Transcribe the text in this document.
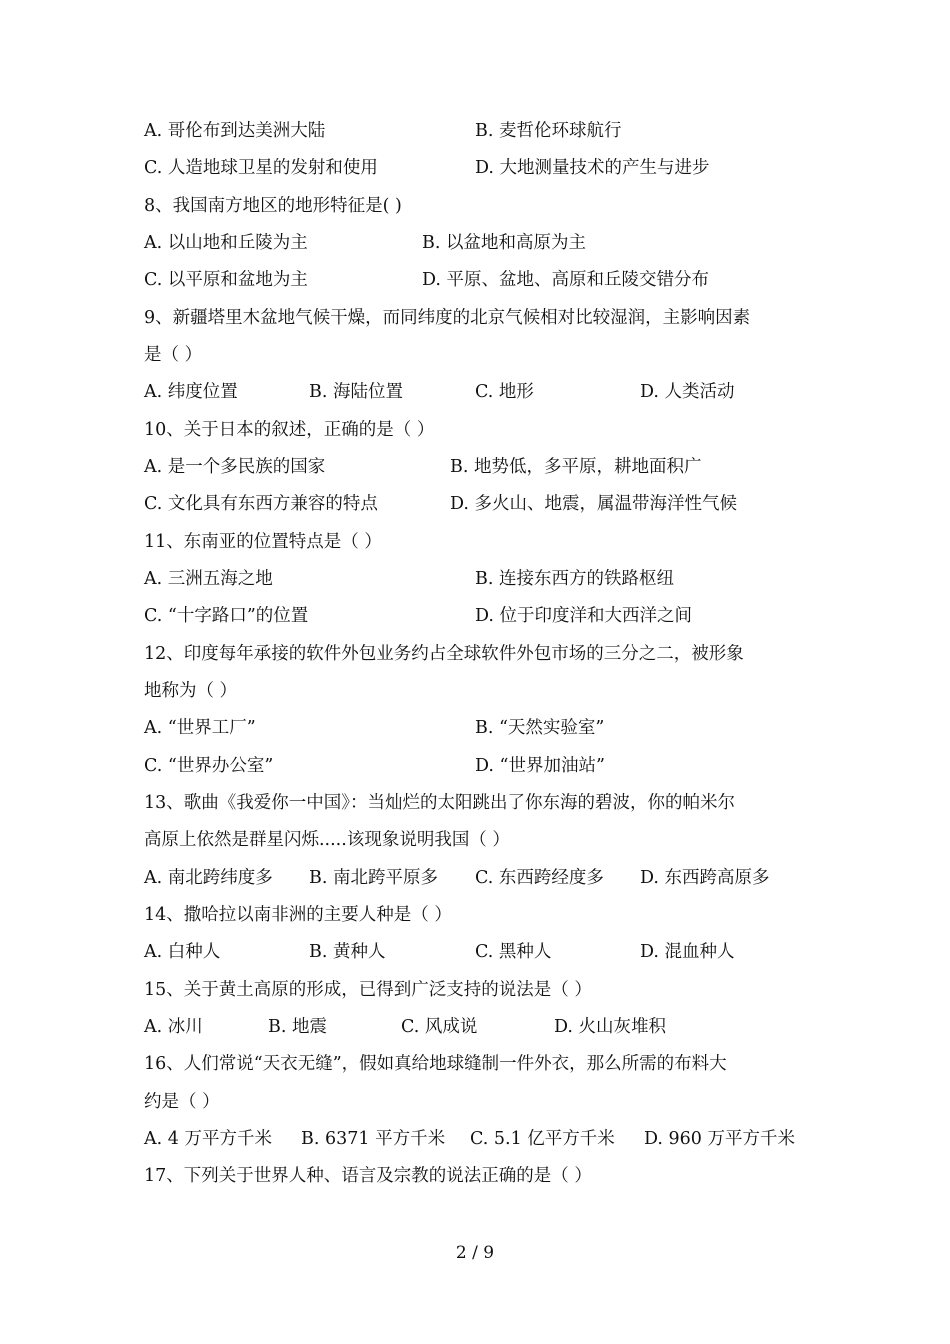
A. 哥伦布到达美洲大陆	B. 麦哲伦环球航行
C. 人造地球卫星的发射和使用	D. 大地测量技术的产生与进步
8、我国南方地区的地形特征是( )
A. 以山地和丘陵为主	B. 以盆地和高原为主
C. 以平原和盆地为主	D. 平原、盆地、高原和丘陵交错分布
9、新疆塔里木盆地气候干燥，而同纬度的北京气候相对比较湿润，主影响因素
是（ ）
A. 纬度位置	B. 海陆位置	C. 地形	D. 人类活动
10、关于日本的叙述，正确的是（ ）
A. 是一个多民族的国家	B. 地势低，多平原，耕地面积广
C. 文化具有东西方兼容的特点	D. 多火山、地震，属温带海洋性气候
11、东南亚的位置特点是（ ）
A. 三洲五海之地	B. 连接东西方的铁路枢纽
C. “十字路口”的位置	D. 位于印度洋和大西洋之间
12、印度每年承接的软件外包业务约占全球软件外包市场的三分之二，被形象
地称为（ ）
A. “世界工厂”	B. “天然实验室”
C. “世界办公室”	D. “世界加油站”
13、歌曲《我爱你一中国》：当灿烂的太阳跳出了你东海的碧波，你的帕米尔
高原上依然是群星闪烁.....该现象说明我国（ ）
A. 南北跨纬度多 B. 南北跨平原多 C. 东西跨经度多 D. 东西跨高原多
14、撒哈拉以南非洲的主要人种是（ ）
A. 白种人	B. 黄种人	C. 黑种人	D. 混血种人
15、关于黄土高原的形成，已得到广泛支持的说法是（ ）
A. 冰川	B. 地震	C. 风成说	D. 火山灰堆积
16、人们常说“天衣无缝”，假如真给地球缝制一件外衣，那么所需的布料大
约是（ ）
A. 4 万平方千米 B. 6371 平方千米 C. 5.1 亿平方千米 D. 960 万平方千米
17、下列关于世界人种、语言及宗教的说法正确的是（ ）
2 / 9
